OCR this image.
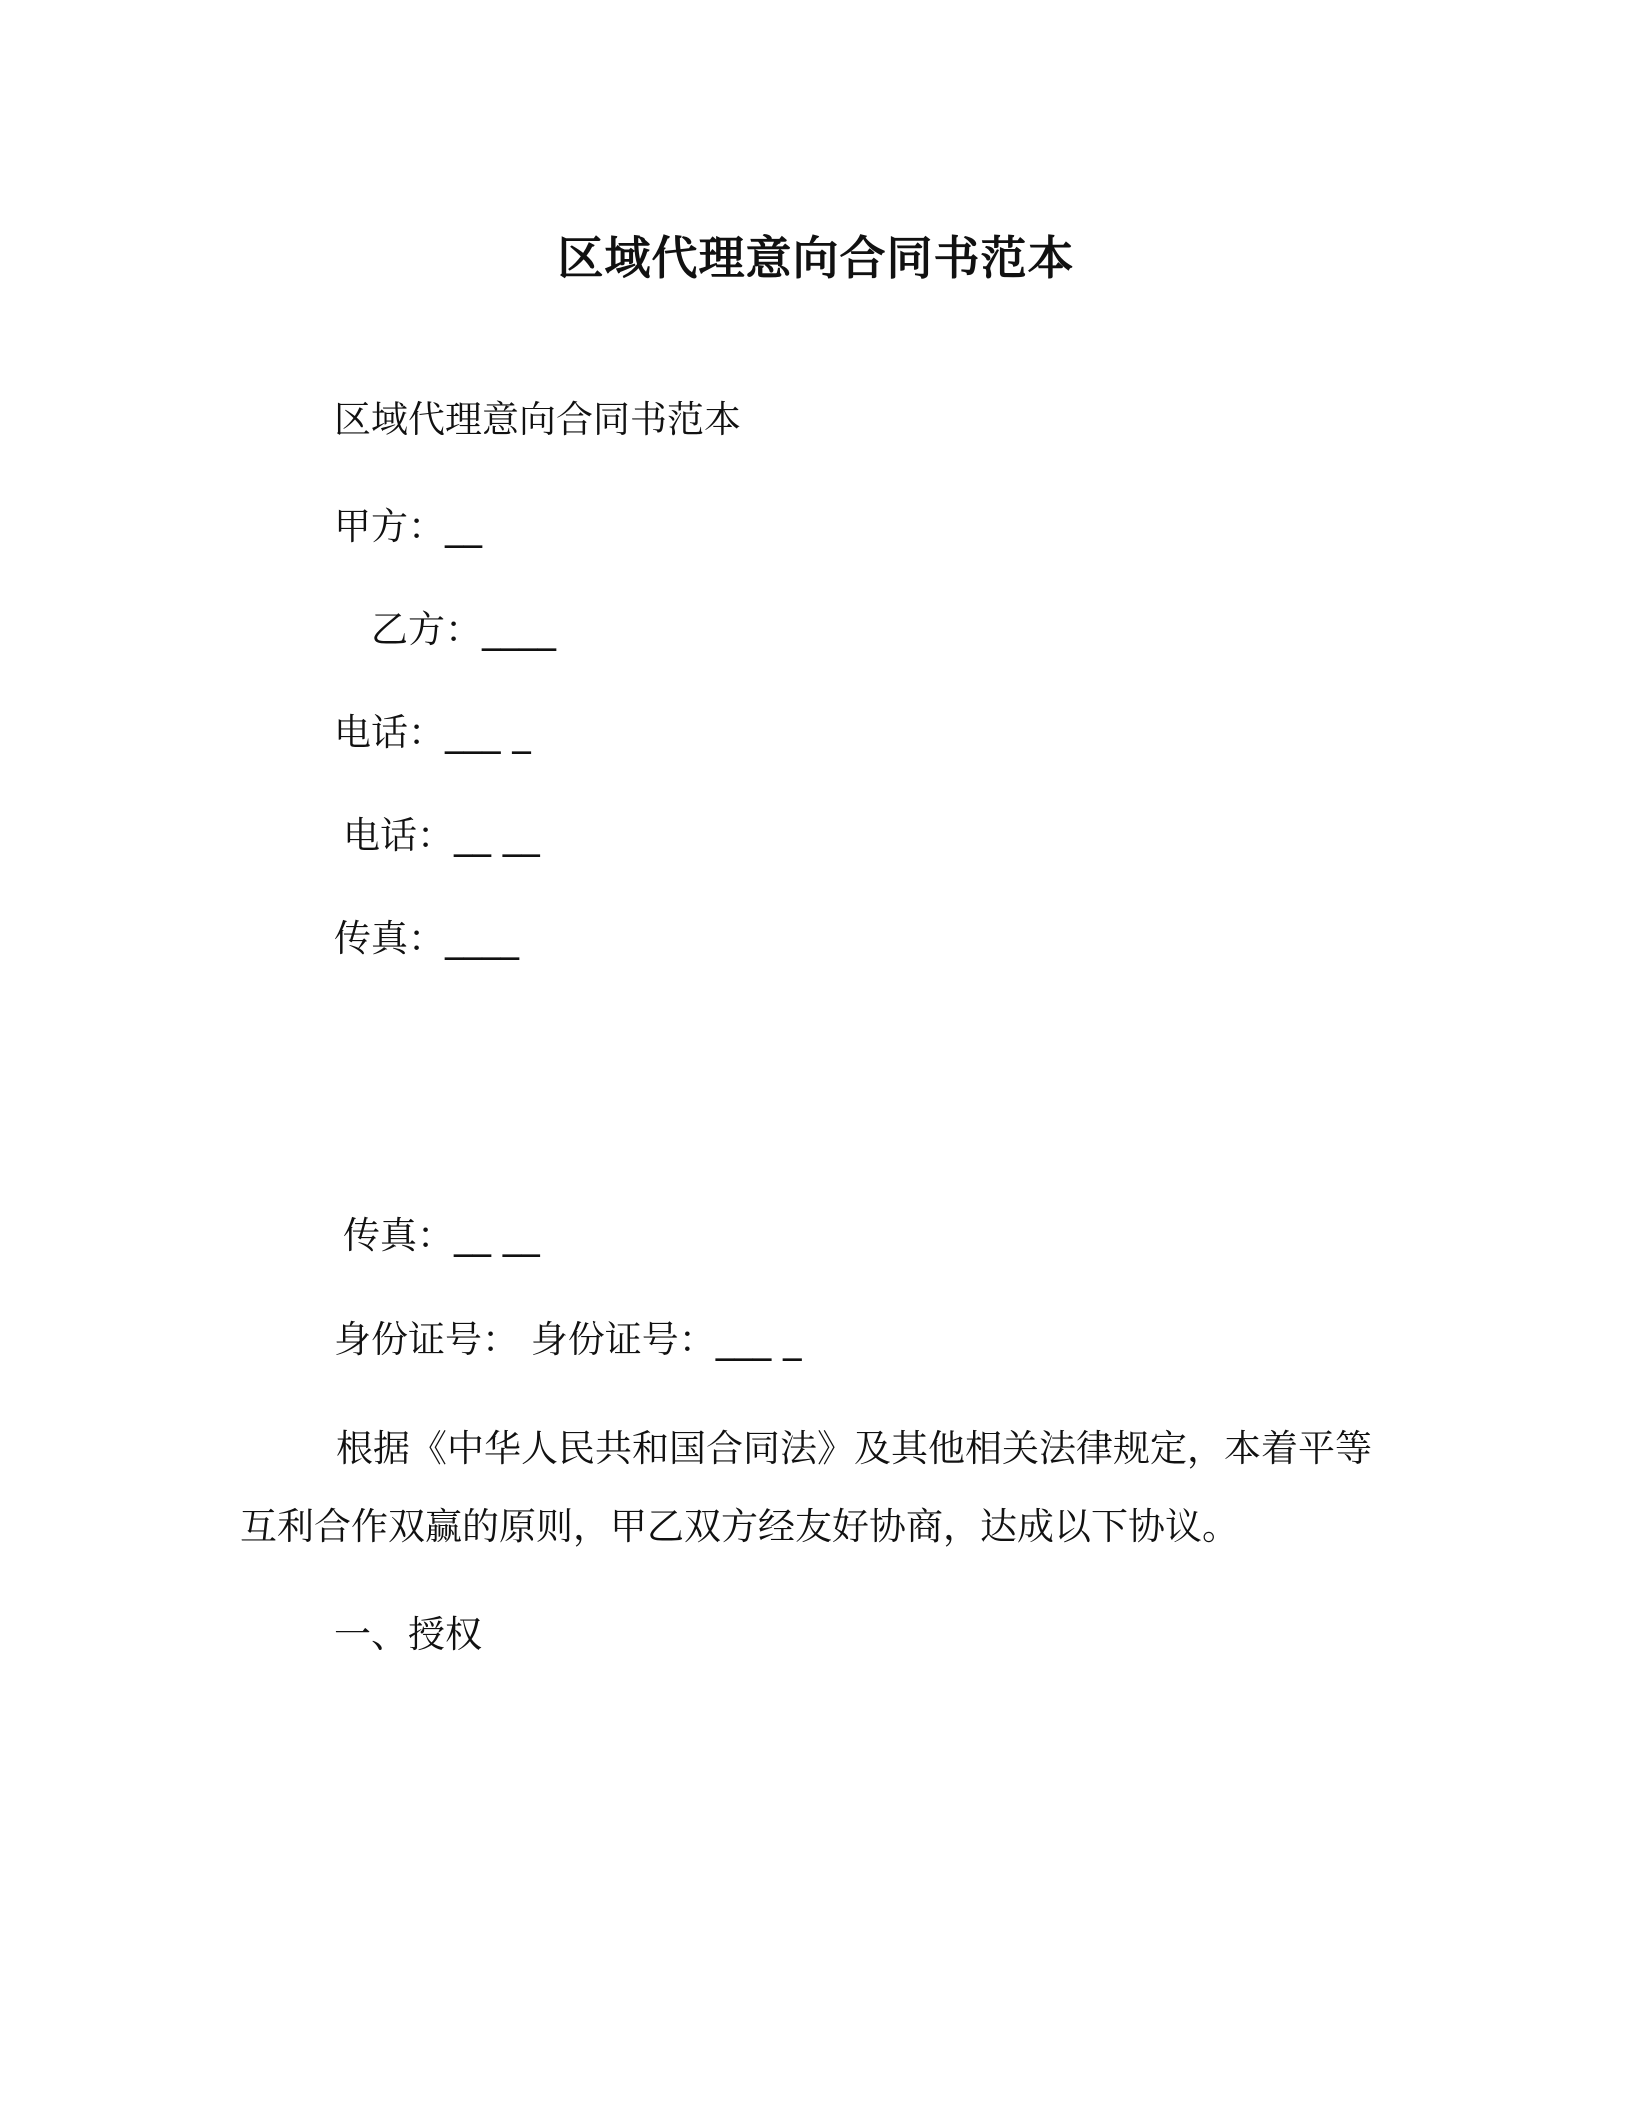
区域代理意向合同书范本
区域代理意向合同书范本
甲方：__
乙方：____
电话：___ _
电话：__ __
传真：____
传真：__ __
身份证号： 身份证号：___ _
根据《中华人民共和国合同法》及其他相关法律规定，本着平等互利合作双赢的原则，甲乙双方经友好协商，达成以下协议。
一、授权
